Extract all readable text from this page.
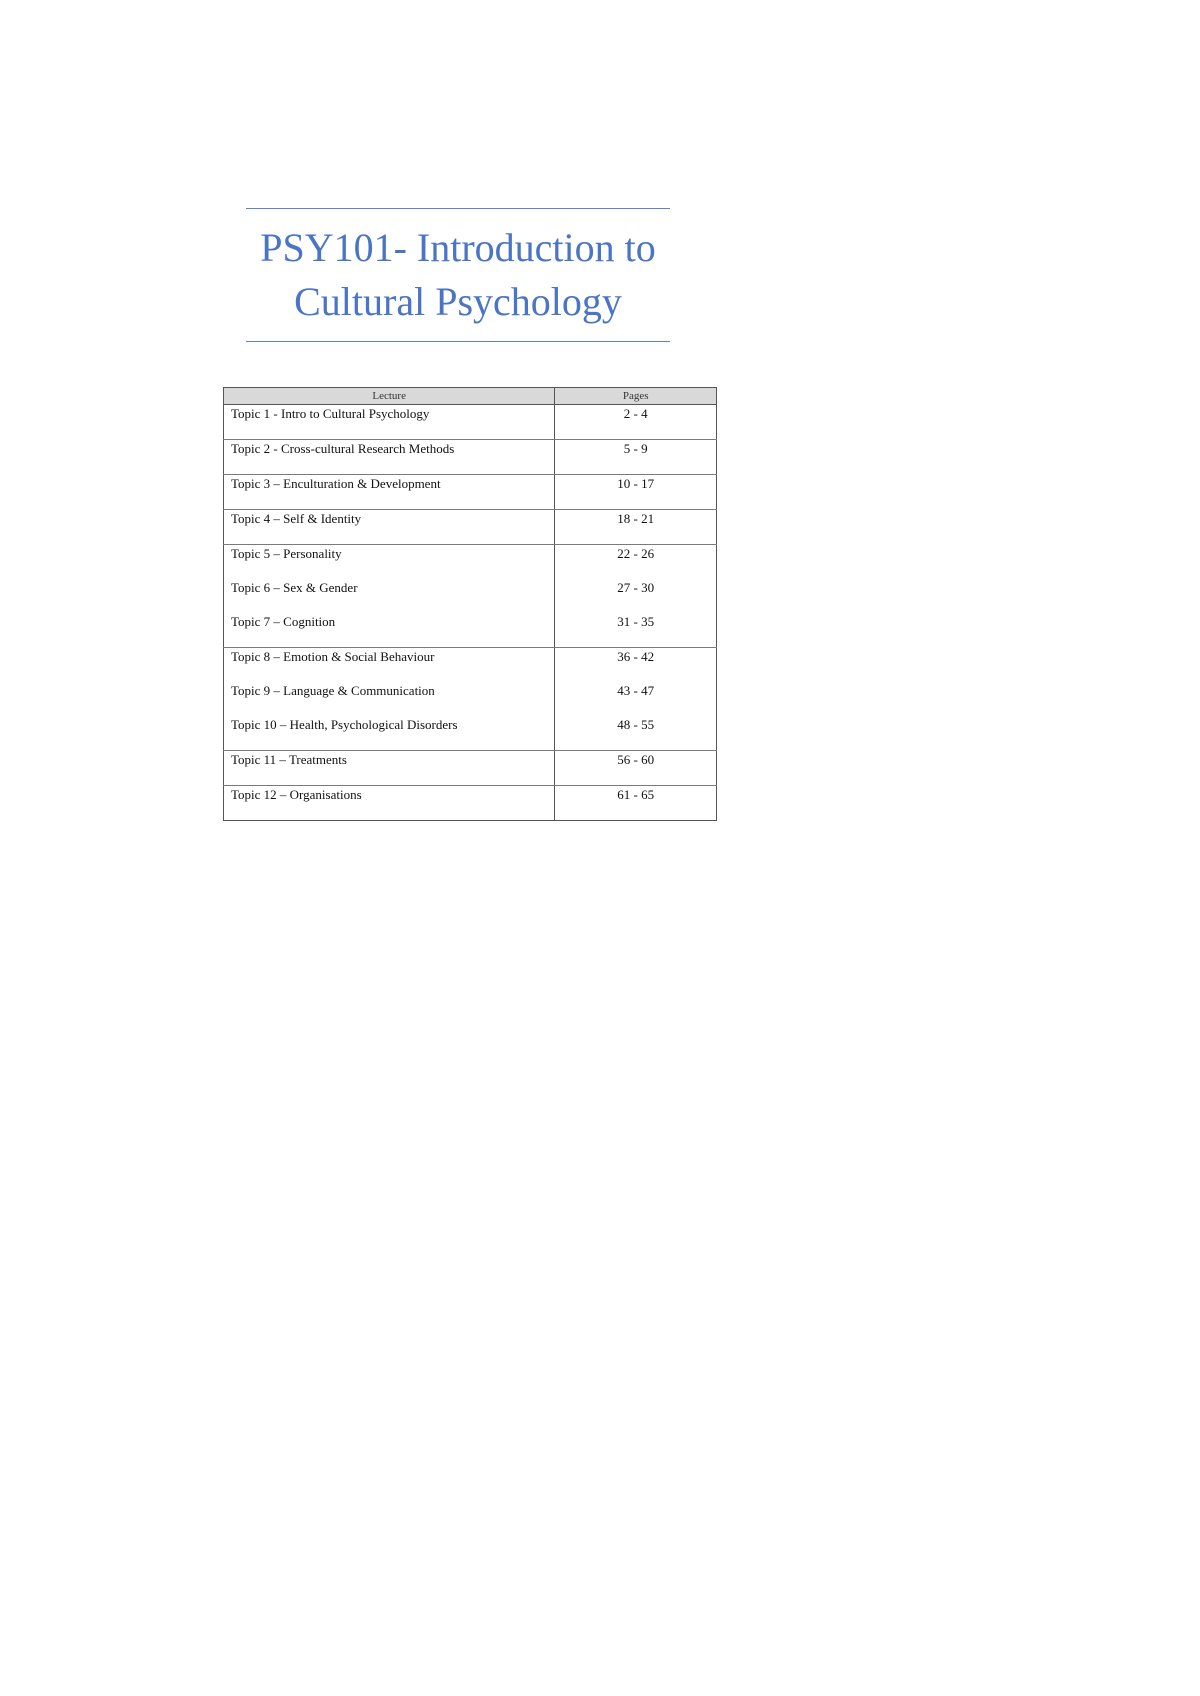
PSY101- Introduction to
Cultural Psychology
Lecture	Pages
Topic 1 - Intro to Cultural Psychology	2 - 4
Topic 2 - Cross-cultural Research Methods	5 - 9
Topic 3 – Enculturation & Development	10 - 17
Topic 4 – Self & Identity	18 - 21
Topic 5 – Personality	22 - 26
Topic 6 – Sex & Gender	27 - 30
Topic 7 – Cognition	31 - 35
Topic 8 – Emotion & Social Behaviour	36 - 42
Topic 9 – Language & Communication	43 - 47
Topic 10 – Health, Psychological Disorders	48 - 55
Topic 11 – Treatments	56 - 60
Topic 12 – Organisations	61 - 65
